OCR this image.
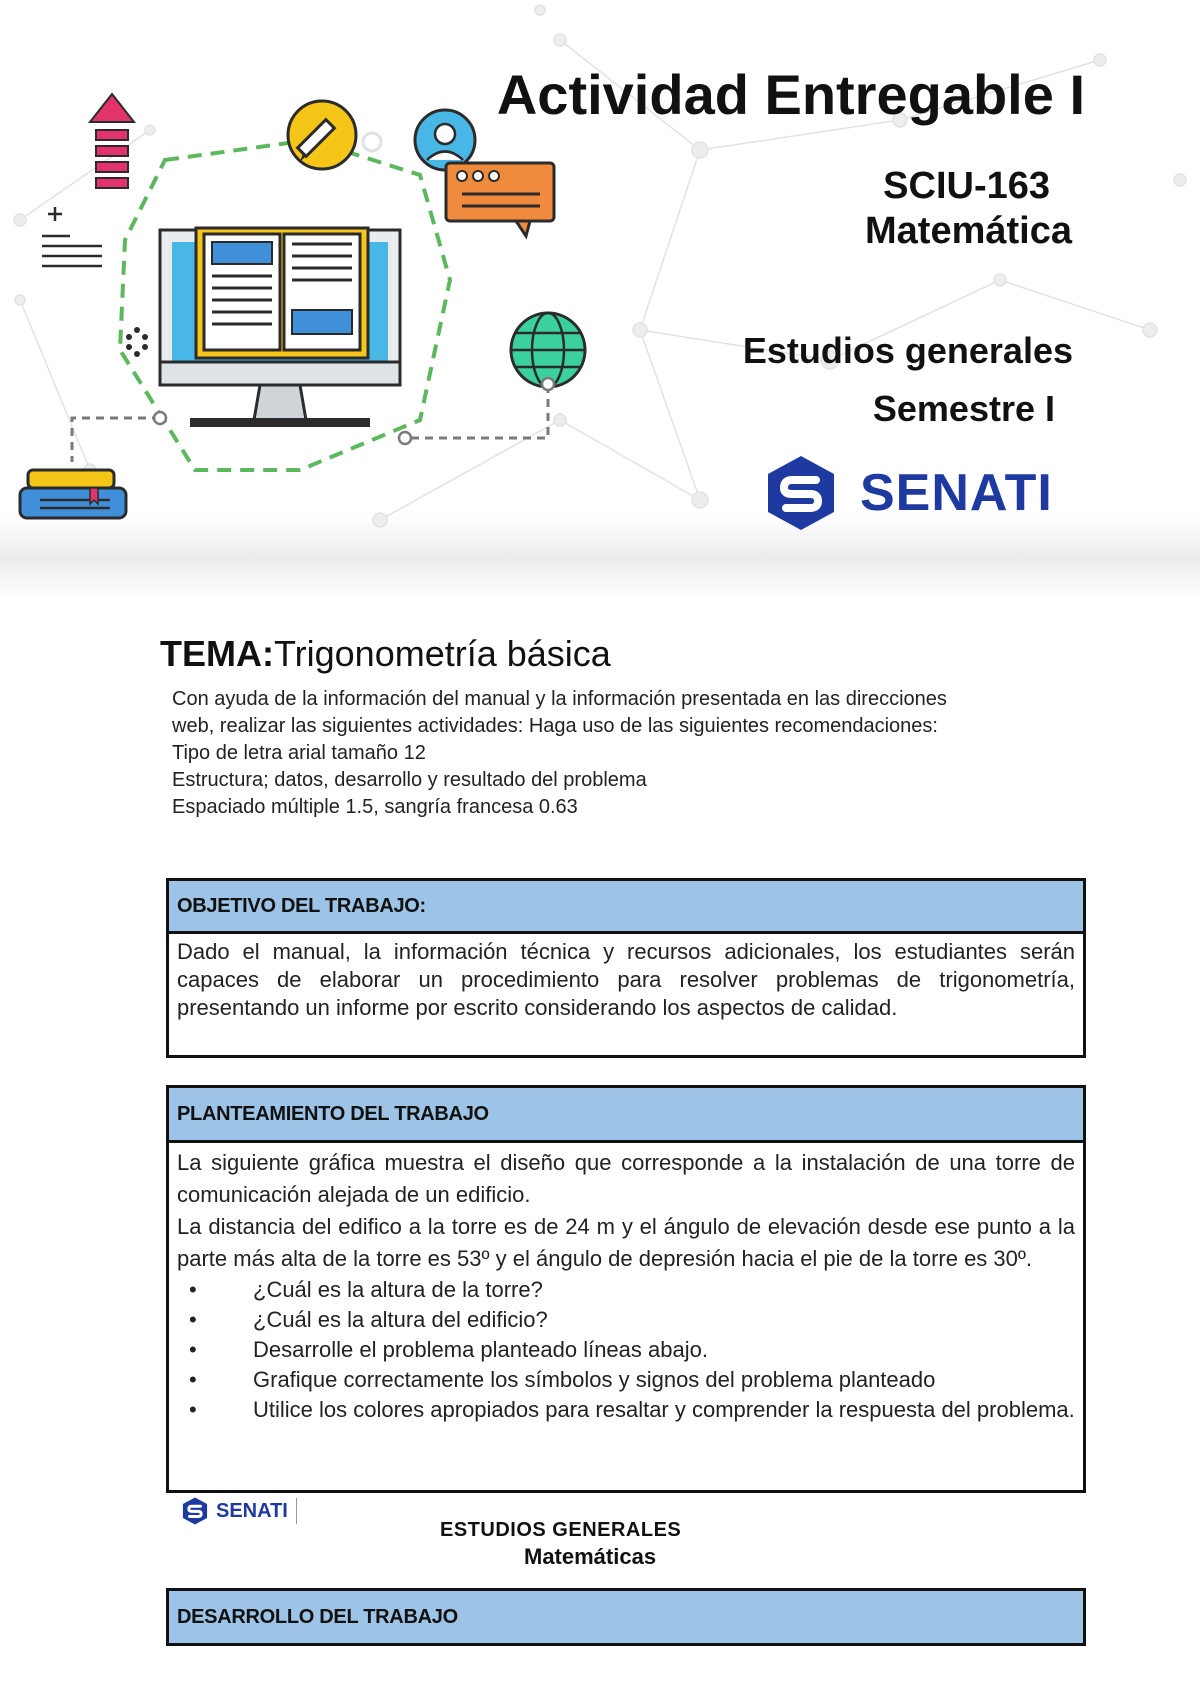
Actividad Entregable I
SCIU-163
Matemática
Estudios generales
Semestre I
SENATI
TEMA:Trigonometría básica

Con ayuda de la información del manual y la información presentada en las direcciones web, realizar las siguientes actividades: Haga uso de las siguientes recomendaciones:

Tipo de letra arial tamaño 12

Estructura; datos, desarrollo y resultado del problema

Espaciado múltiple 1.5, sangría francesa 0.63

OBJETIVO DEL TRABAJO:

Dado el manual, la información técnica y recursos adicionales, los estudiantes serán capaces de elaborar un procedimiento para resolver problemas de trigonometría, presentando un informe por escrito considerando los aspectos de calidad.

PLANTEAMIENTO DEL TRABAJO

La siguiente gráfica muestra el diseño que corresponde a la instalación de una torre de comunicación alejada de un edificio.

La distancia del edifico a la torre es de 24 m y el ángulo de elevación desde ese punto a la parte más alta de la torre es 53º y el ángulo de depresión hacia el pie de la torre es 30º.

• ¿Cuál es la altura de la torre?
• ¿Cuál es la altura del edificio?
• Desarrolle el problema planteado líneas abajo.
• Grafique correctamente los símbolos y signos del problema planteado
• Utilice los colores apropiados para resaltar y comprender la respuesta del problema.
SENATI
ESTUDIOS GENERALES
Matemáticas
DESARROLLO DEL TRABAJO
